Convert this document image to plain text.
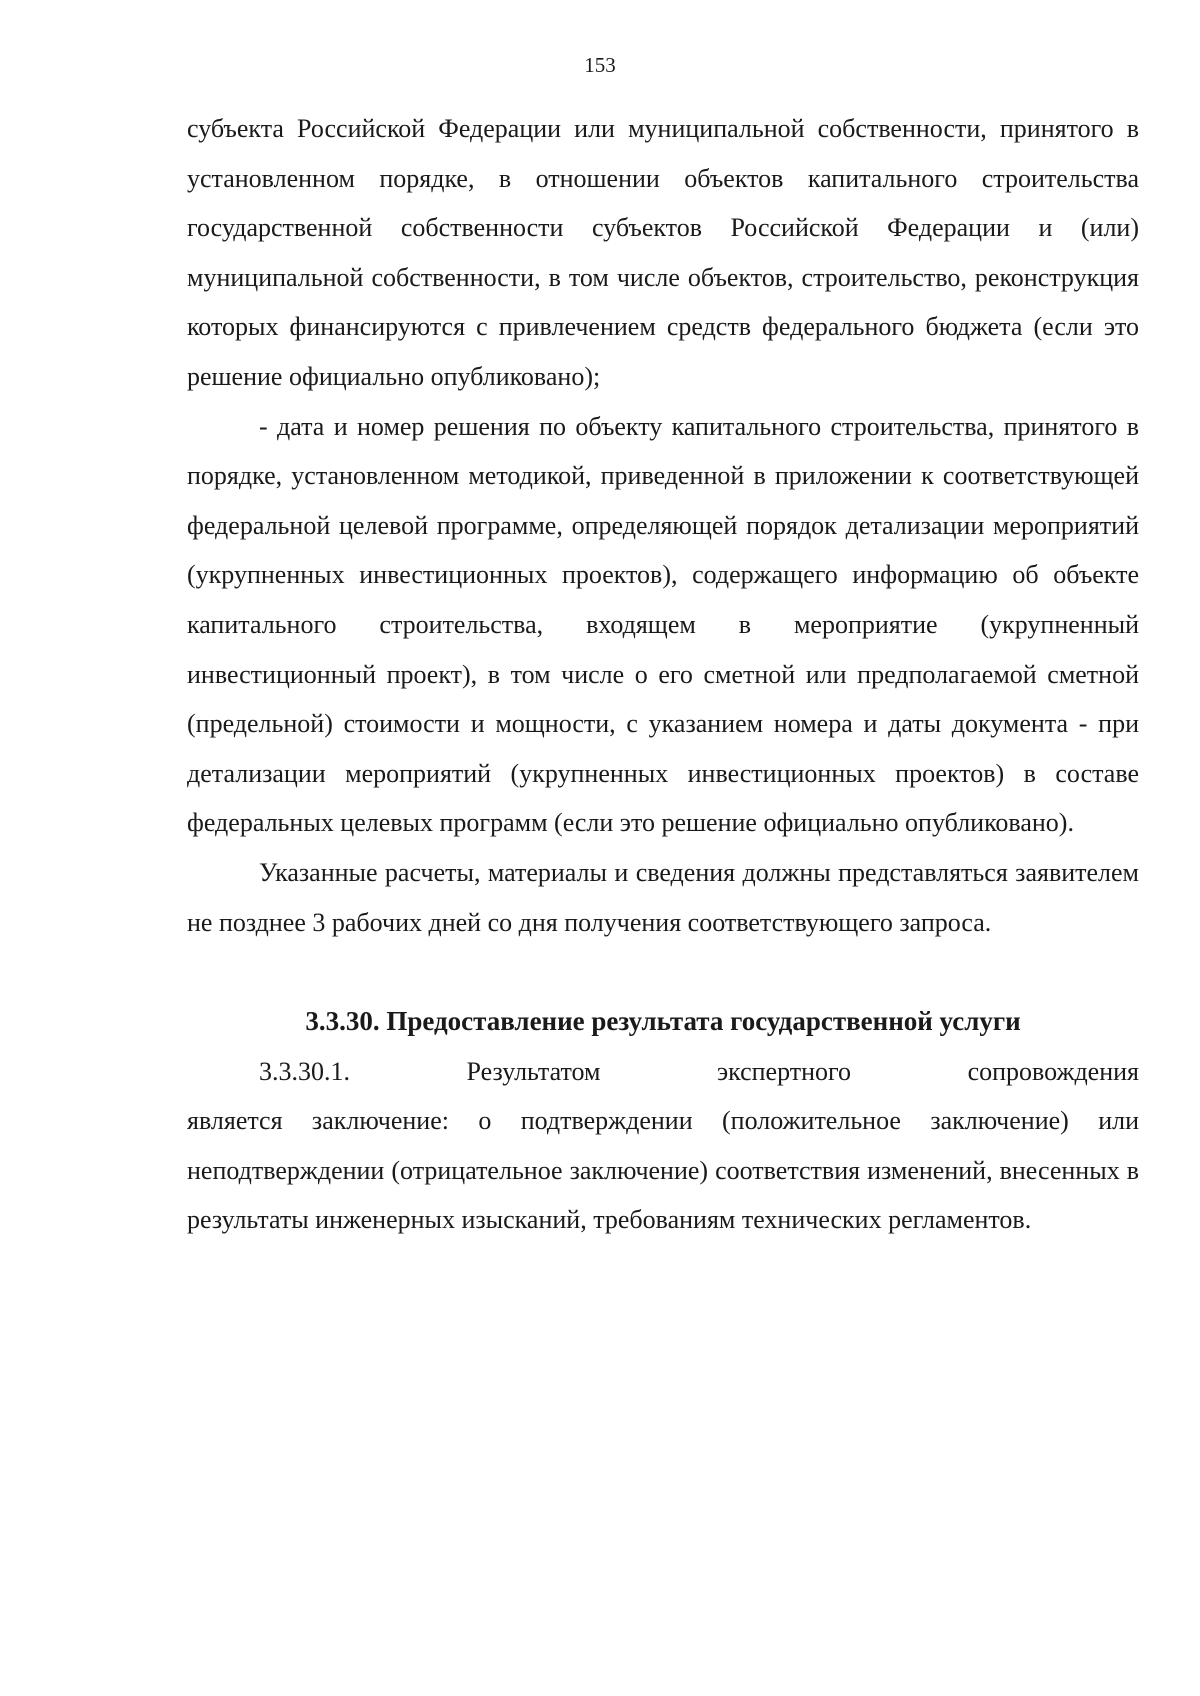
153

субъекта Российской Федерации или муниципальной собственности, принятого в установленном порядке, в отношении объектов капитального строительства государственной собственности субъектов Российской Федерации и (или) муниципальной собственности, в том числе объектов, строительство, реконструкция которых финансируются с привлечением средств федерального бюджета (если это решение официально опубликовано);

- дата и номер решения по объекту капитального строительства, принятого в порядке, установленном методикой, приведенной в приложении к соответствующей федеральной целевой программе, определяющей порядок детализации мероприятий (укрупненных инвестиционных проектов), содержащего информацию об объекте капитального строительства, входящем в мероприятие (укрупненный инвестиционный проект), в том числе о его сметной или предполагаемой сметной (предельной) стоимости и мощности, с указанием номера и даты документа - при детализации мероприятий (укрупненных инвестиционных проектов) в составе федеральных целевых программ (если это решение официально опубликовано).

Указанные расчеты, материалы и сведения должны представляться заявителем не позднее 3 рабочих дней со дня получения соответствующего запроса.

3.3.30. Предоставление результата государственной услуги

3.3.30.1. Результатом экспертного сопровождения

является заключение: о подтверждении (положительное заключение) или неподтверждении (отрицательное заключение) соответствия изменений, внесенных в результаты инженерных изысканий, требованиям технических регламентов.
